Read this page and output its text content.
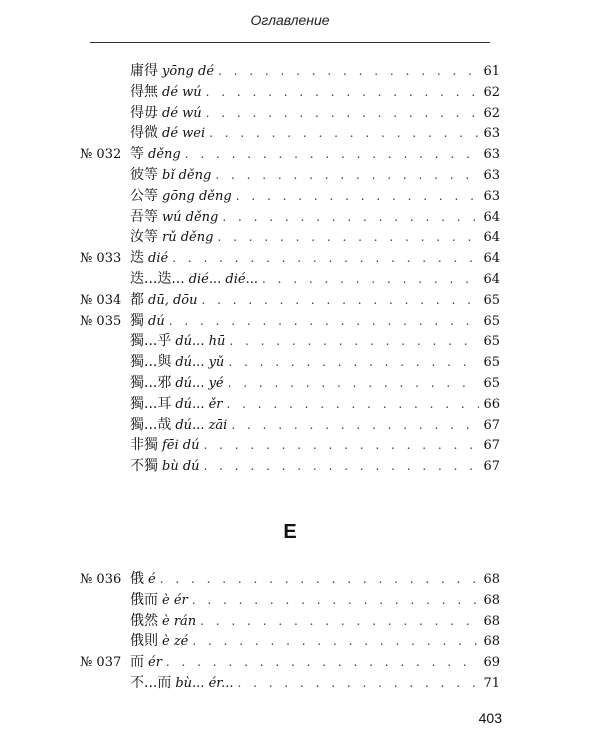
Оглавление
庸得 yōng dé . . .	61
得無 dé wú . . .	62
得毋 dé wú . . .	62
得微 dé wei . . .	63
№ 032 等 děng . . .	63
彼等 bǐ děng . . .	63
公等 gōng děng . . .	63
吾等 wú děng . . .	64
汝等 rǔ děng . . .	64
№ 033 迭 dié . . .	64
迭...迭... dié... dié... . . .	64
№ 034 都 dū, dōu . . .	65
№ 035 獨 dú . . .	65
獨...乎 dú... hū . . .	65
獨...與 dú... yǔ . . .	65
獨...邪 dú... yé . . .	65
獨...耳 dú... ěr . . .	66
獨...哉 dú... zāi . . .	67
非獨 fēi dú . . .	67
不獨 bù dú . . .	67
E
№ 036 俄 é . . .	68
俄而 è ér . . .	68
俄然 è rán . . .	68
俄則 è zé . . .	68
№ 037 而 ér . . .	69
不...而 bù... ér... . . .	71
403
